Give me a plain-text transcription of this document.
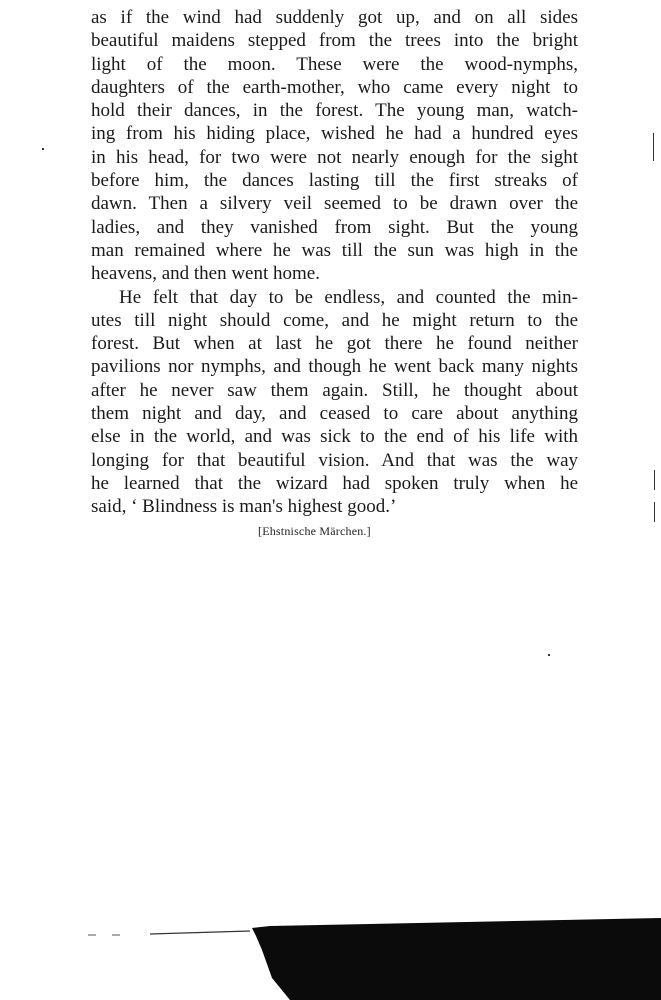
as if the wind had suddenly got up, and on all sides
beautiful maidens stepped from the trees into the bright
light of the moon. These were the wood-nymphs,
daughters of the earth-mother, who came every night to
hold their dances, in the forest. The young man, watch-
ing from his hiding place, wished he had a hundred eyes
in his head, for two were not nearly enough for the sight
before him, the dances lasting till the first streaks of
dawn. Then a silvery veil seemed to be drawn over the
ladies, and they vanished from sight. But the young
man remained where he was till the sun was high in the
heavens, and then went home.
He felt that day to be endless, and counted the min-
utes till night should come, and he might return to the
forest. But when at last he got there he found neither
pavilions nor nymphs, and though he went back many nights
after he never saw them again. Still, he thought about
them night and day, and ceased to care about anything
else in the world, and was sick to the end of his life with
longing for that beautiful vision. And that was the way
he learned that the wizard had spoken truly when he
said, ‘ Blindness is man's highest good.’
[Ehstnische Märchen.]
